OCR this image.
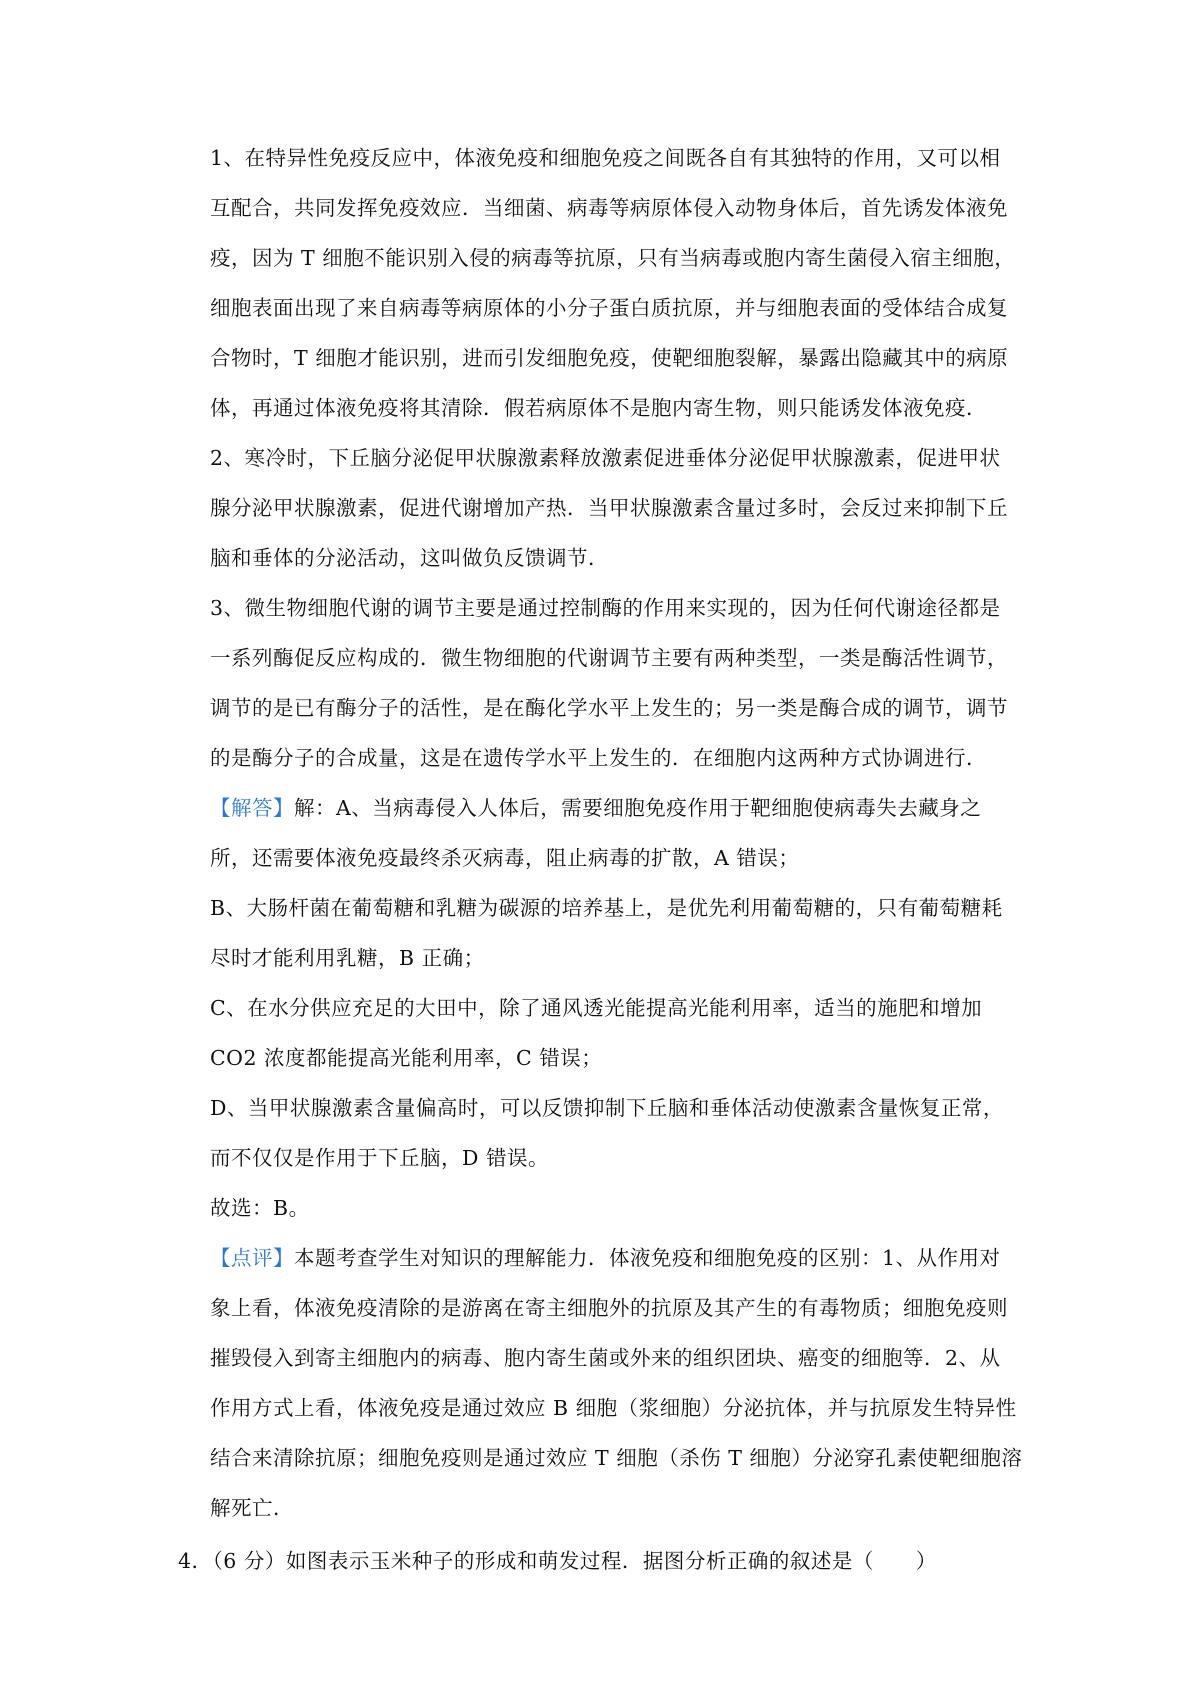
1、在特异性免疫反应中，体液免疫和细胞免疫之间既各自有其独特的作用，又可以相
互配合，共同发挥免疫效应．当细菌、病毒等病原体侵入动物身体后，首先诱发体液免
疫，因为 T 细胞不能识别入侵的病毒等抗原，只有当病毒或胞内寄生菌侵入宿主细胞，
细胞表面出现了来自病毒等病原体的小分子蛋白质抗原，并与细胞表面的受体结合成复
合物时，T 细胞才能识别，进而引发细胞免疫，使靶细胞裂解，暴露出隐藏其中的病原
体，再通过体液免疫将其清除．假若病原体不是胞内寄生物，则只能诱发体液免疫．
2、寒冷时，下丘脑分泌促甲状腺激素释放激素促进垂体分泌促甲状腺激素，促进甲状
腺分泌甲状腺激素，促进代谢增加产热．当甲状腺激素含量过多时，会反过来抑制下丘
脑和垂体的分泌活动，这叫做负反馈调节．
3、微生物细胞代谢的调节主要是通过控制酶的作用来实现的，因为任何代谢途径都是
一系列酶促反应构成的．微生物细胞的代谢调节主要有两种类型，一类是酶活性调节，
调节的是已有酶分子的活性，是在酶化学水平上发生的；另一类是酶合成的调节，调节
的是酶分子的合成量，这是在遗传学水平上发生的．在细胞内这两种方式协调进行．
【解答】解：A、当病毒侵入人体后，需要细胞免疫作用于靶细胞使病毒失去藏身之
所，还需要体液免疫最终杀灭病毒，阻止病毒的扩散，A 错误；
B、大肠杆菌在葡萄糖和乳糖为碳源的培养基上，是优先利用葡萄糖的，只有葡萄糖耗
尽时才能利用乳糖，B 正确；
C、在水分供应充足的大田中，除了通风透光能提高光能利用率，适当的施肥和增加
CO2 浓度都能提高光能利用率，C 错误；
D、当甲状腺激素含量偏高时，可以反馈抑制下丘脑和垂体活动使激素含量恢复正常，
而不仅仅是作用于下丘脑，D 错误。
故选：B。
【点评】本题考查学生对知识的理解能力．体液免疫和细胞免疫的区别：1、从作用对
象上看，体液免疫清除的是游离在寄主细胞外的抗原及其产生的有毒物质；细胞免疫则
摧毁侵入到寄主细胞内的病毒、胞内寄生菌或外来的组织团块、癌变的细胞等．2、从
作用方式上看，体液免疫是通过效应 B 细胞（浆细胞）分泌抗体，并与抗原发生特异性
结合来清除抗原；细胞免疫则是通过效应 T 细胞（杀伤 T 细胞）分泌穿孔素使靶细胞溶
解死亡．
4．（6 分）如图表示玉米种子的形成和萌发过程．据图分析正确的叙述是（　　）
